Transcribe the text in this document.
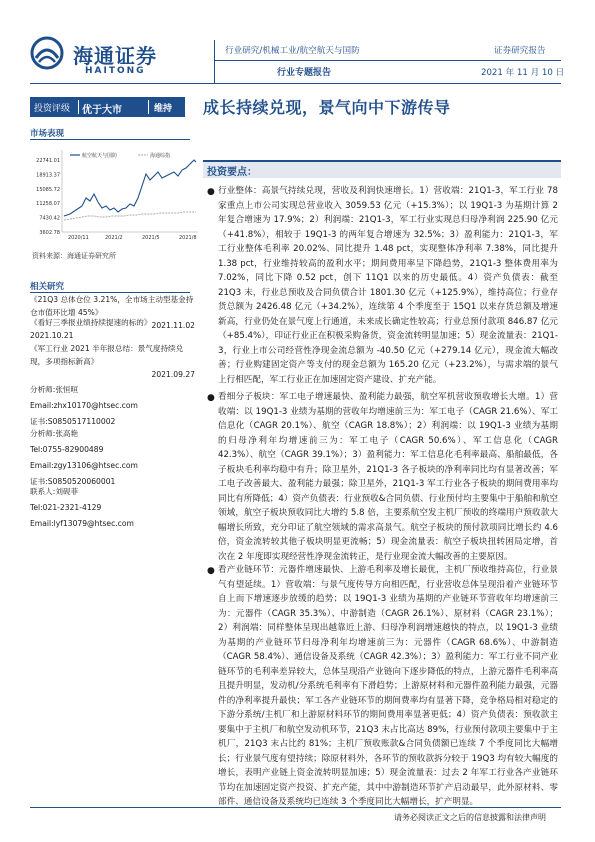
海通证券
HAITONG
行业研究/机械工业/航空航天与国防
行业专题报告
证券研究报告
2021 年 11 月 10 日
投资评级 优于大市	维持 成长持续兑现，景气向中下游传导
市场表现
22741.01
18913.37
15085.72
11258.07
7430.42
3602.78
2020/11	2021/2	2021/5	2021/8
航空航天与国防	海通综指
资料来源：海通证券研究所
相关研究
《21Q3 总体仓位 3.21%，全市场主动型基金持仓市值环比增 45%》
2021.11.02
《看好三季报业绩持续提速的标的》
2021.10.21
《军工行业 2021 半年报总结：景气度持续兑现，多项指标新高》
2021.09.27
分析师:张恒晅
Email:zhx10170@htsec.com
证书:S0850517110002
分析师:张高艳
Tel:0755-82900489
Email:zgy13106@htsec.com
证书:S0850520060001
联系人:刘砚菲
Tel:021-2321-4129
Email:lyf13079@htsec.com
投资要点：
● 行业整体：高景气持续兑现，营收及利润快速增长。1）营收端：21Q1-3，军工行业 78 家重点上市公司实现总营业收入 3059.53 亿元（+15.3%）；以 19Q1-3 为基期计算 2 年复合增速为 17.9%；2）利润端：21Q1-3，军工行业实现总归母净利润 225.90 亿元（+41.8%），相较于 19Q1-3 的两年复合增速为 32.5%；3）盈利能力：21Q1-3，军工行业整体毛利率 20.02%、同比提升 1.48 pct，实现整体净利率 7.38%，同比提升 1.38 pct，行业维持较高的盈利水平；期间费用率呈下降趋势，21Q1-3 整体费用率为 7.02%，同比下降 0.52 pct，创下 11Q1 以来的历史最低。4）资产负债表：截至 21Q3 末，行业总预收及合同负债合计 1801.30 亿元（+125.9%），维持高位；行业存货总额为 2426.48 亿元（+34.2%），连续第 4 个季度至于 15Q1 以来存货总额及增速新高，行业仍处在景气度上行通道，未来成长确定性较高；行业总预付款项 846.87 亿元（+85.4%），印证行业正在积极采购备货，资金流转明显加速；5）现金流量表：21Q1-3，行业上市公司经营性净现金流总额为 -40.50 亿元（+279.14 亿元），现金流大幅改善；行业购建固定资产等支付的现金总额为 165.20 亿元（+23.2%），与需求端的景气上行相匹配，军工行业正在加速固定资产建设、扩充产能。
● 看细分子板块：军工电子增速最快、盈利能力最强，航空军机营收预收增长大增。1）营收端：以 19Q1-3 业绩为基期的营收年均增速前三为：军工电子（CAGR 21.6%）、军工信息化（CAGR 20.1%）、航空（CAGR 18.8%）；2）利润端：以 19Q1-3 业绩为基期的归母净利年均增速前三为：军工电子（CAGR 50.6%）、军工信息化（CAGR 42.3%）、航空（CAGR 39.1%）；3）盈利能力：军工信息化毛利率最高、船舶最低，各子板块毛利率均稳中有升；除卫星外，21Q1-3 各子板块的净利率同比均有显著改善；军工电子改善最大、盈利能力最强；除卫星外，21Q1-3 军工行业各子板块的期间费用率均同比有所降低；4）资产负债表：行业预收&合同负债、行业预付均主要集中于船舶和航空领域，航空子板块预收同比大增约 5.8 倍，主要系航空发主机厂预收的终端用户预收款大幅增长所致，充分印证了航空领域的需求高景气。航空子板块的预付款项同比增长约 4.6 倍，资金流转较其他子板块明显更流畅；5）现金流量表：航空子板块扭转困局定增，首次在 2 年度即实现经营性净现金流转正，是行业现金流大幅改善的主要原因。
● 看产业链环节：元器件增速最快、上游毛利率及增长最优，主机厂预收维持高位，行业景气有望延续。1）营收端：与景气度传导方向相匹配，行业营收总体呈现沿着产业链环节自上而下增速逐步放缓的趋势；以 19Q1-3 业绩为基期的产业链环节营收年均增速前三为：元器件（CAGR 35.3%）、中游制造（CAGR 26.1%）、原材料（CAGR 23.1%）；2）利润端：同样整体呈现出越靠近上游、归母净利润增速越快的特点，以 19Q1-3 业绩为基期的产业链环节归母净利年均增速前三为：元器件（CAGR 68.6%）、中游制造（CAGR 58.4%）、通信设备及系统（CAGR 42.3%）；3）盈利能力：军工行业不同产业链环节的毛利率差异较大，总体呈现沿产业链向下逐步降低的特点，上游元器件毛利率高且提升明显，发动机/分系统毛利率有下滑趋势；上游原材料和元器件盈利能力最强，元器件的净利率提升最快；军工各产业链环节的期间费率均有显著下降，竞争格局相对稳定的下游分系统/主机厂和上游原材料环节的期间费用率显著更低；4）资产负债表：预收款主要集中于主机厂和航空发动机环节，21Q3 末占比高达 89%，行业预付款项主要集中于主机厂，21Q3 末占比约 81%；主机厂预收账款&合同负债额已连续 7 个季度同比大幅增长；行业景气度有望持续；除原材料外，各环节的预收款拆分较于 19Q3 均有较大幅度的增长，表明产业链上资金流转明显加速；5）现金流量表：过去 2 年军工行业各产业链环节均在加速固定资产投资、扩充产能，其中中游制造环节扩产启动最早，此外原材料、零部件、通信设备及系统均已连续 3 个季度同比大幅增长，扩产明显。
请务必阅读正文之后的信息披露和法律声明
